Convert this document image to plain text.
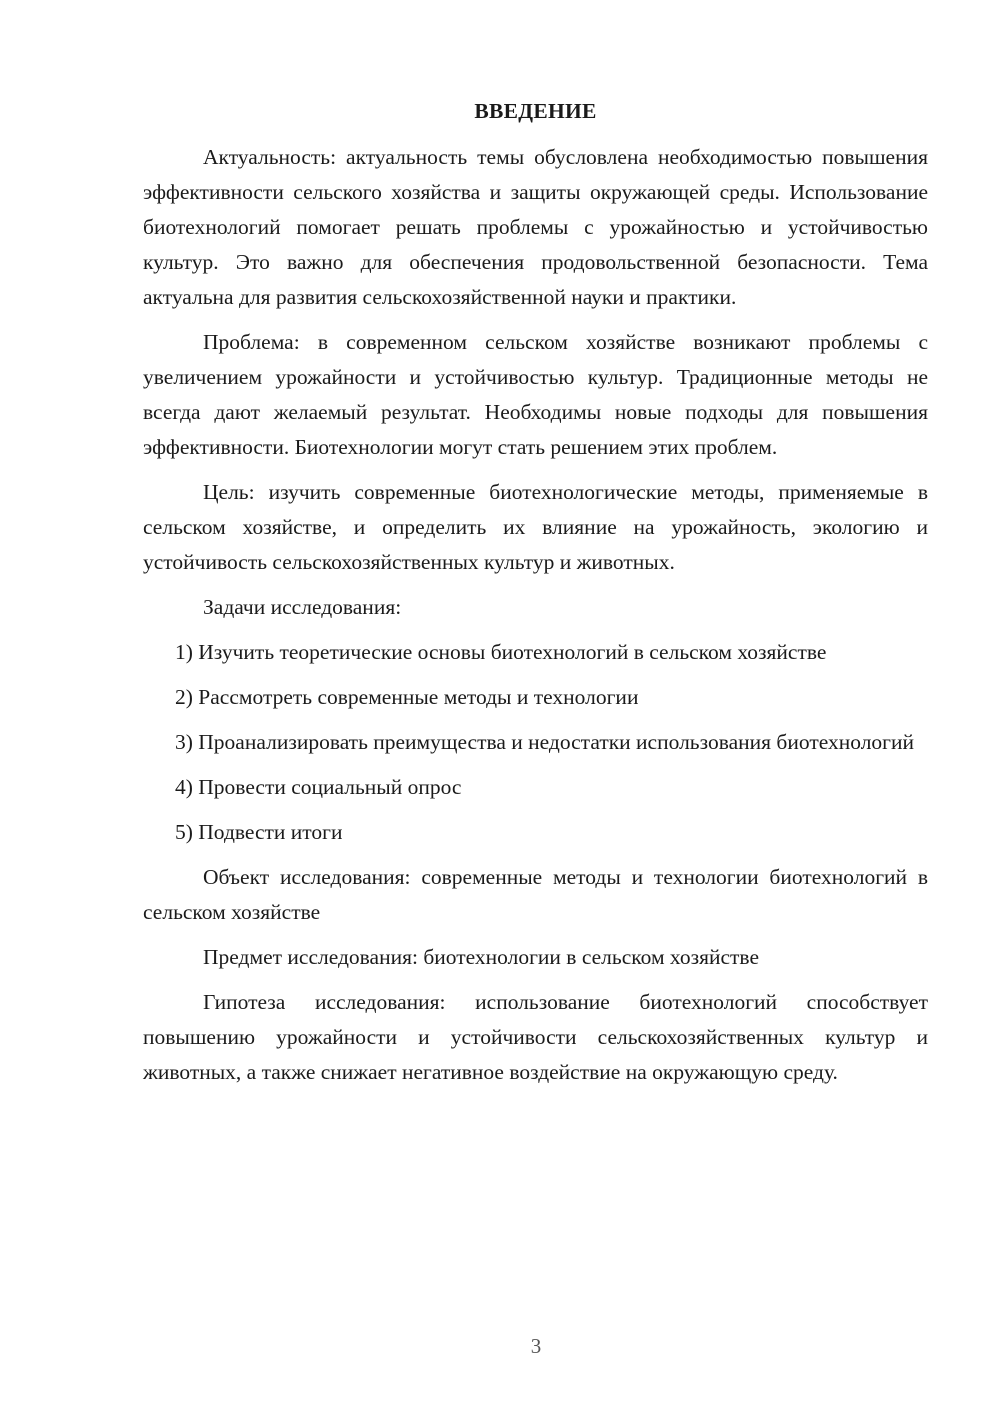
ВВЕДЕНИЕ

Актуальность: актуальность темы обусловлена необходимостью повышения эффективности сельского хозяйства и защиты окружающей среды. Использование биотехнологий помогает решать проблемы с урожайностью и устойчивостью культур. Это важно для обеспечения продовольственной безопасности. Тема актуальна для развития сельскохозяйственной науки и практики.

Проблема: в современном сельском хозяйстве возникают проблемы с увеличением урожайности и устойчивостью культур. Традиционные методы не всегда дают желаемый результат. Необходимы новые подходы для повышения эффективности. Биотехнологии могут стать решением этих проблем.

Цель: изучить современные биотехнологические методы, применяемые в сельском хозяйстве, и определить их влияние на урожайность, экологию и устойчивость сельскохозяйственных культур и животных.

Задачи исследования:

1) Изучить теоретические основы биотехнологий в сельском хозяйстве

2) Рассмотреть современные методы и технологии

3) Проанализировать преимущества и недостатки использования биотехнологий

4) Провести социальный опрос

5) Подвести итоги

Объект исследования: современные методы и технологии биотехнологий в сельском хозяйстве

Предмет исследования: биотехнологии в сельском хозяйстве

Гипотеза исследования: использование биотехнологий способствует повышению урожайности и устойчивости сельскохозяйственных культур и животных, а также снижает негативное воздействие на окружающую среду.

3
